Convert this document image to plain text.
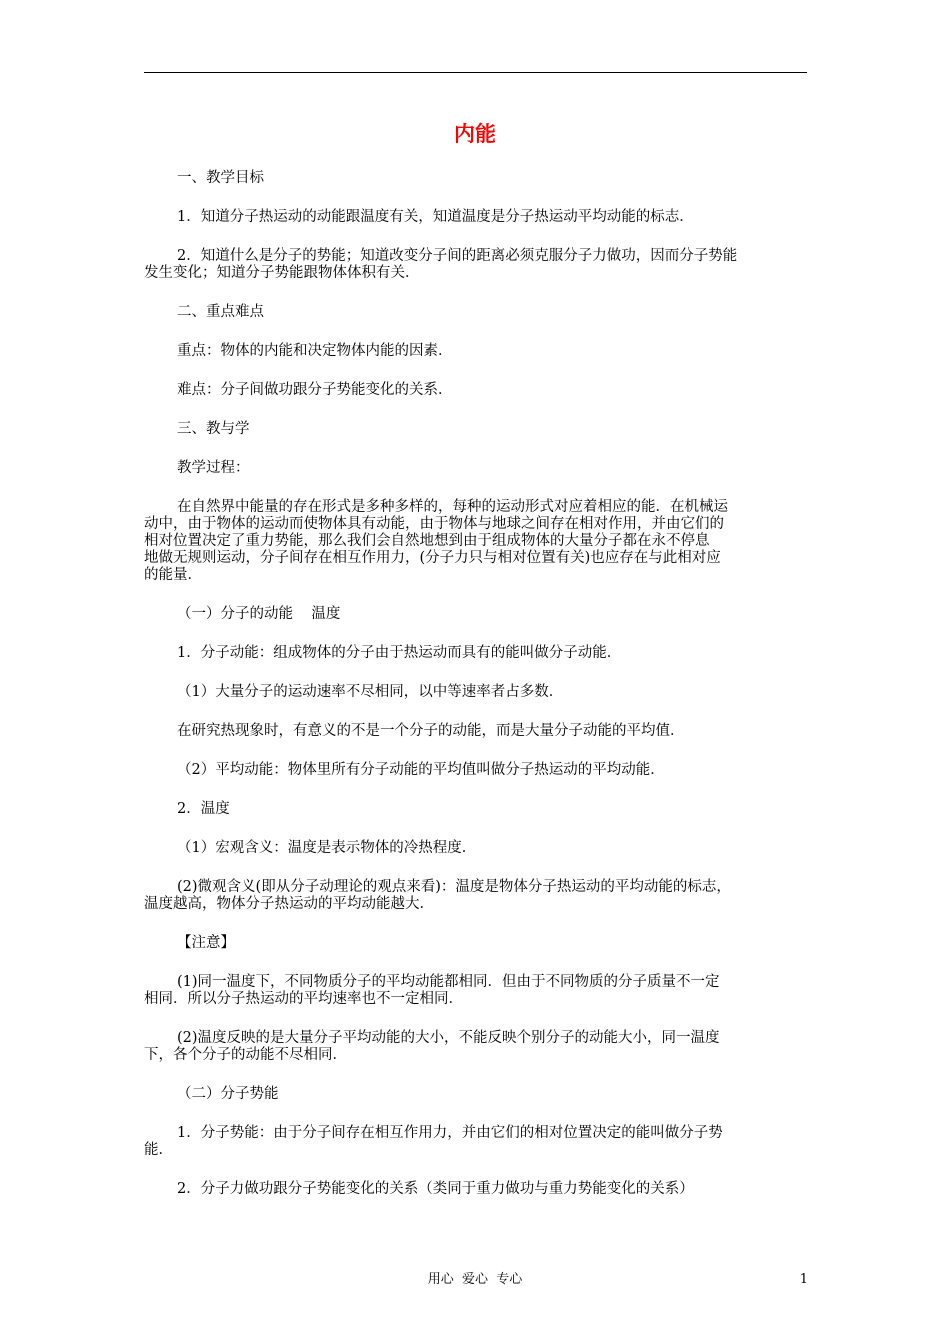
内能
一、教学目标
1．知道分子热运动的动能跟温度有关，知道温度是分子热运动平均动能的标志．
2．知道什么是分子的势能；知道改变分子间的距离必须克服分子力做功，因而分子势能
发生变化；知道分子势能跟物体体积有关．
二、重点难点
重点：物体的内能和决定物体内能的因素．
难点：分子间做功跟分子势能变化的关系．
三、教与学
教学过程：
在自然界中能量的存在形式是多种多样的，每种的运动形式对应着相应的能．在机械运
动中，由于物体的运动而使物体具有动能，由于物体与地球之间存在相对作用，并由它们的
相对位置决定了重力势能，那么我们会自然地想到由于组成物体的大量分子都在永不停息
地做无规则运动，分子间存在相互作用力，(分子力只与相对位置有关)也应存在与此相对应
的能量．
（一）分子的动能    温度
1．分子动能：组成物体的分子由于热运动而具有的能叫做分子动能．
（1）大量分子的运动速率不尽相同，以中等速率者占多数．
在研究热现象时，有意义的不是一个分子的动能，而是大量分子动能的平均值．
（2）平均动能：物体里所有分子动能的平均值叫做分子热运动的平均动能．
2．温度
（1）宏观含义：温度是表示物体的冷热程度．
(2)微观含义(即从分子动理论的观点来看)：温度是物体分子热运动的平均动能的标志，
温度越高，物体分子热运动的平均动能越大．
【注意】
(1)同一温度下，不同物质分子的平均动能都相同．但由于不同物质的分子质量不一定
相同．所以分子热运动的平均速率也不一定相同．
(2)温度反映的是大量分子平均动能的大小，不能反映个别分子的动能大小，同一温度
下，各个分子的动能不尽相同．
（二）分子势能
1．分子势能：由于分子间存在相互作用力，并由它们的相对位置决定的能叫做分子势
能．
2．分子力做功跟分子势能变化的关系（类同于重力做功与重力势能变化的关系）
用心  爱心  专心	1
